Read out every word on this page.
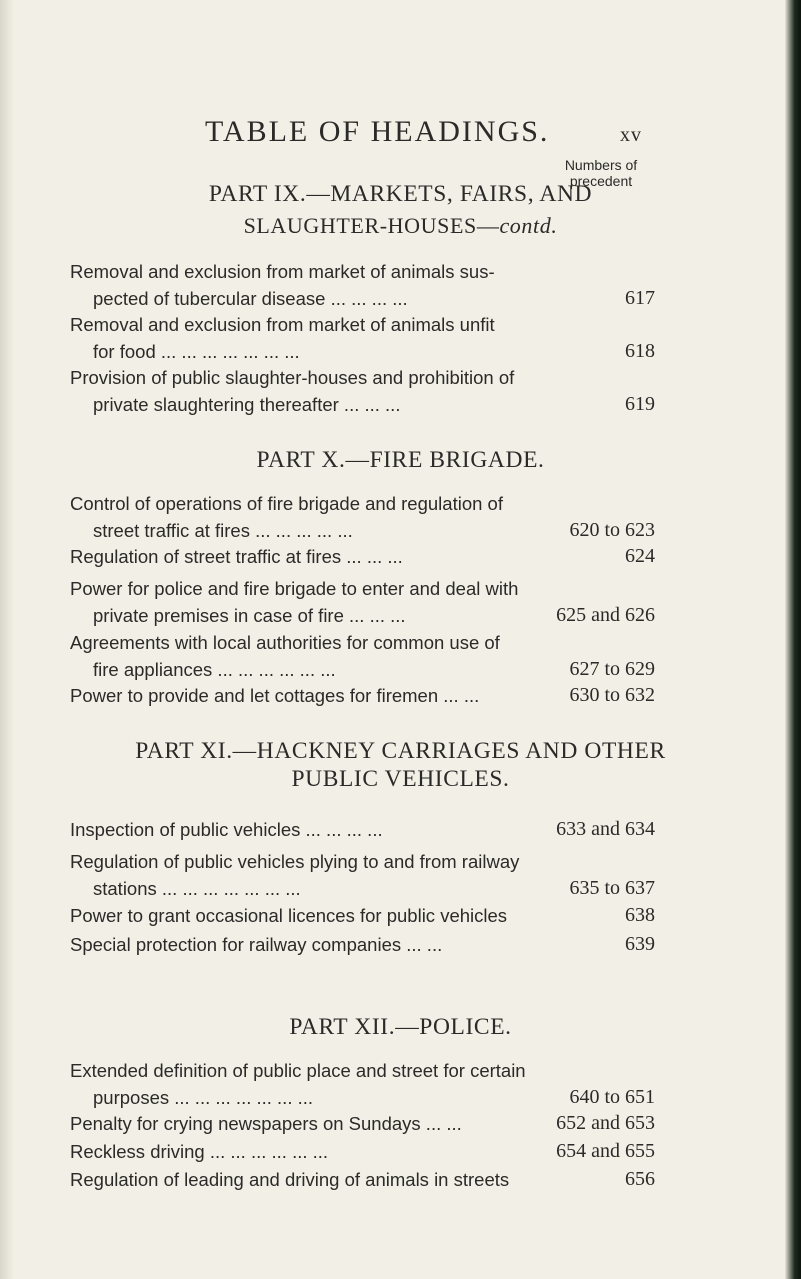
TABLE OF HEADINGS.	xv
Numbers of precedent
PART IX.—MARKETS, FAIRS, AND
SLAUGHTER-HOUSES—contd.
Removal and exclusion from market of animals sus-
pected of tubercular disease ... ... ... ...	617
Removal and exclusion from market of animals unfit
for food ... ... ... ... ... ... ...	618
Provision of public slaughter-houses and prohibition of
private slaughtering thereafter ... ... ...	619
PART X.—FIRE BRIGADE.
Control of operations of fire brigade and regulation of
street traffic at fires ... ... ... ... ...	620 to 623
Regulation of street traffic at fires ... ... ...	624
Power for police and fire brigade to enter and deal with
private premises in case of fire ... ... ...	625 and 626
Agreements with local authorities for common use of
fire appliances ... ... ... ... ... ...	627 to 629
Power to provide and let cottages for firemen ... ...	630 to 632
PART XI.—HACKNEY CARRIAGES AND OTHER
PUBLIC VEHICLES.
Inspection of public vehicles ... ... ... ...	633 and 634
Regulation of public vehicles plying to and from railway
stations ... ... ... ... ... ... ...	635 to 637
Power to grant occasional licences for public vehicles	638
Special protection for railway companies ... ...	639
PART XII.—POLICE.
Extended definition of public place and street for certain
purposes ... ... ... ... ... ... ...	640 to 651
Penalty for crying newspapers on Sundays ... ...	652 and 653
Reckless driving ... ... ... ... ... ...	654 and 655
Regulation of leading and driving of animals in streets	656
